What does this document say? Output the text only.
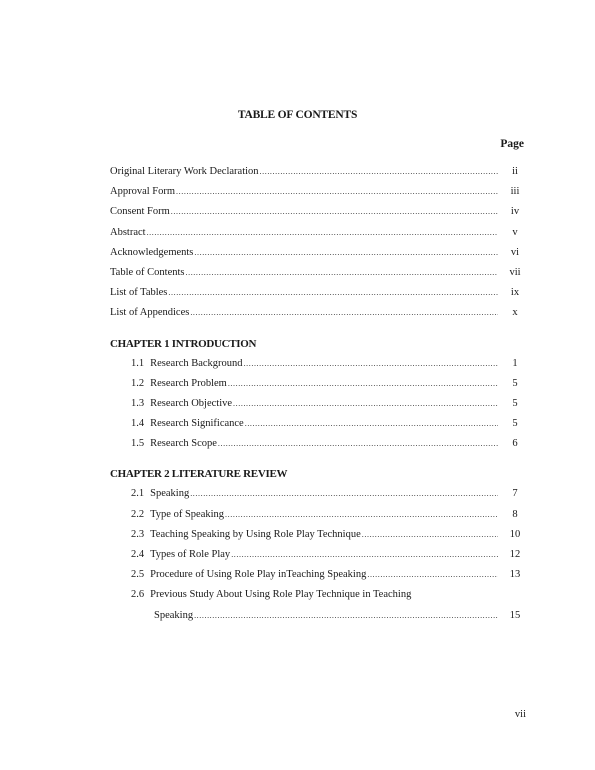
TABLE OF CONTENTS
Page
Original Literary Work Declaration .....	ii
Approval Form .....	iii
Consent Form .....	iv
Abstract .....	v
Acknowledgements .....	vi
Table of Contents .....	vii
List of Tables .....	ix
List of Appendices .....	x
CHAPTER 1 INTRODUCTION
1.1 Research Background .....	1
1.2 Research Problem .....	5
1.3 Research Objective .....	5
1.4 Research Significance .....	5
1.5 Research Scope .....	6
CHAPTER 2 LITERATURE REVIEW
2.1 Speaking .....	7
2.2 Type of Speaking .....	8
2.3 Teaching Speaking by Using Role Play Technique .....	10
2.4 Types of Role Play .....	12
2.5 Procedure of Using Role Play inTeaching Speaking .....	13
2.6 Previous Study About Using Role Play Technique in Teaching
Speaking .....	15
vii
